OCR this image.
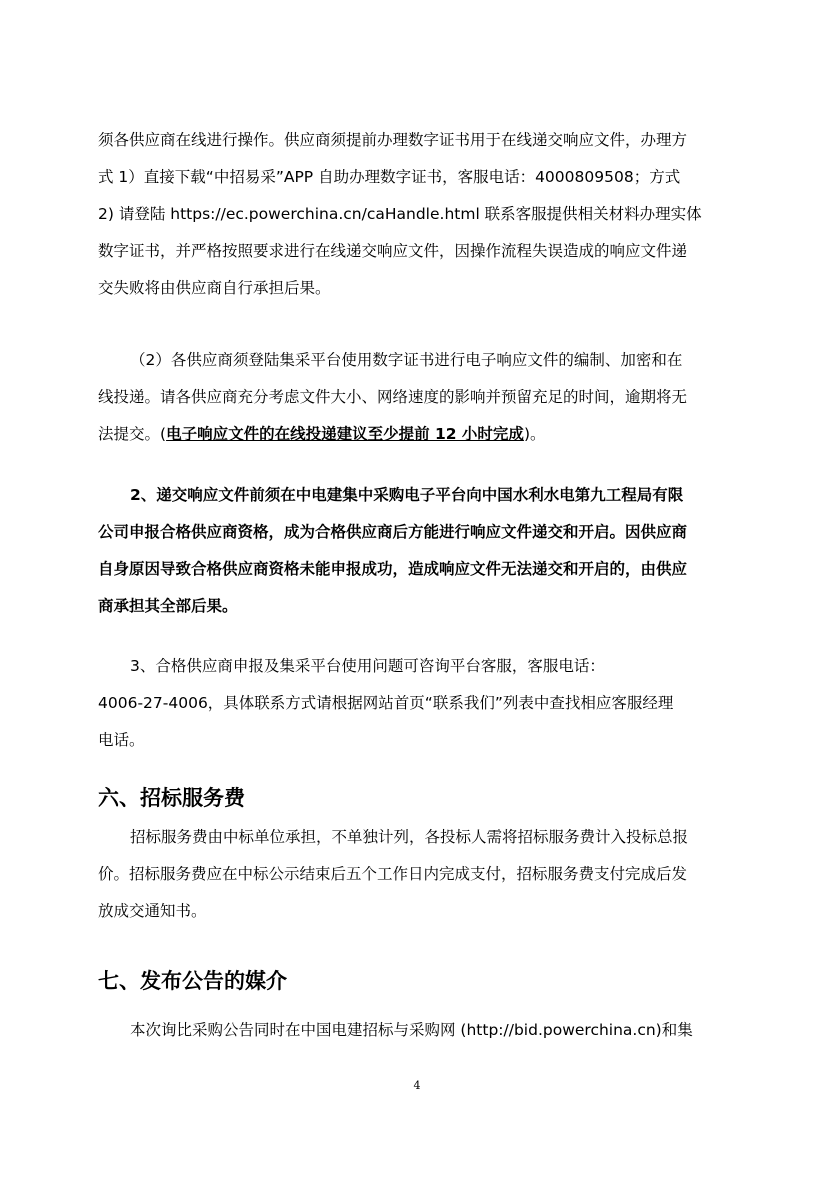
须各供应商在线进行操作。供应商须提前办理数字证书用于在线递交响应文件，办理方
式 1）直接下载“中招易采”APP 自助办理数字证书，客服电话：4000809508；方式
2) 请登陆 https://ec.powerchina.cn/caHandle.html 联系客服提供相关材料办理实体
数字证书，并严格按照要求进行在线递交响应文件，因操作流程失误造成的响应文件递
交失败将由供应商自行承担后果。
（2）各供应商须登陆集采平台使用数字证书进行电子响应文件的编制、加密和在
线投递。请各供应商充分考虑文件大小、网络速度的影响并预留充足的时间，逾期将无
法提交。(电子响应文件的在线投递建议至少提前 12 小时完成)。
2、递交响应文件前须在中电建集中采购电子平台向中国水利水电第九工程局有限
公司申报合格供应商资格，成为合格供应商后方能进行响应文件递交和开启。因供应商
自身原因导致合格供应商资格未能申报成功，造成响应文件无法递交和开启的，由供应
商承担其全部后果。
3、合格供应商申报及集采平台使用问题可咨询平台客服，客服电话：
4006-27-4006，具体联系方式请根据网站首页“联系我们”列表中查找相应客服经理
电话。
六、招标服务费
招标服务费由中标单位承担，不单独计列，各投标人需将招标服务费计入投标总报
价。招标服务费应在中标公示结束后五个工作日内完成支付，招标服务费支付完成后发
放成交通知书。
七、发布公告的媒介
本次询比采购公告同时在中国电建招标与采购网 (http://bid.powerchina.cn)和集
4
